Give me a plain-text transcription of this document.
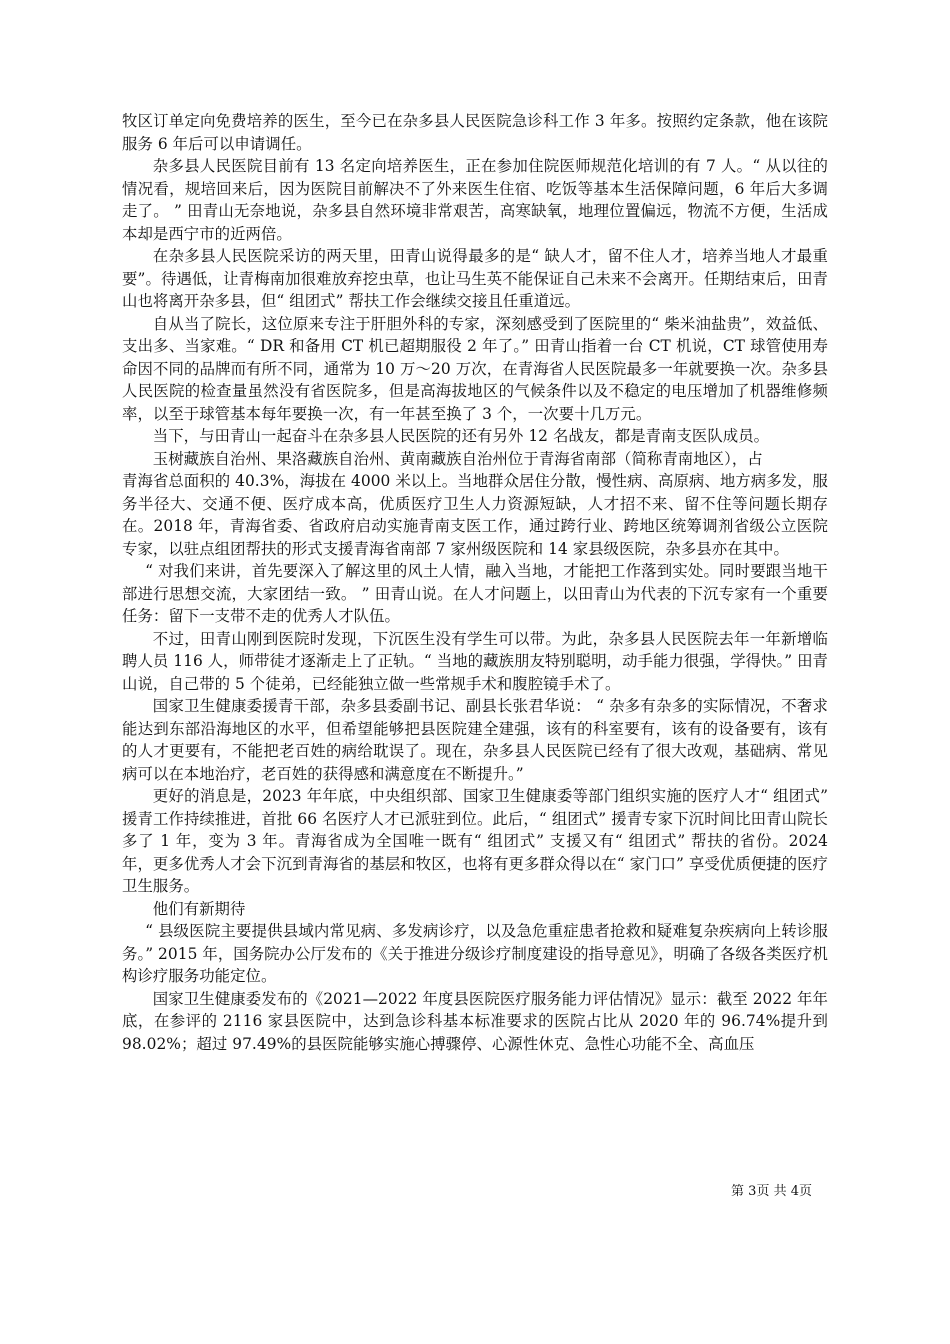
牧区订单定向免费培养的医生，至今已在杂多县人民医院急诊科工作 3 年多。按照约定条款，他在该院服务 6 年后可以申请调任。

杂多县人民医院目前有 13 名定向培养医生，正在参加住院医师规范化培训的有 7 人。“ 从以往的情况看，规培回来后，因为医院目前解决不了外来医生住宿、吃饭等基本生活保障问题，6 年后大多调走了。 ” 田青山无奈地说，杂多县自然环境非常艰苦，高寒缺氧，地理位置偏远，物流不方便，生活成本却是西宁市的近两倍。

在杂多县人民医院采访的两天里，田青山说得最多的是“ 缺人才，留不住人才，培养当地人才最重要”。待遇低，让青梅南加很难放弃挖虫草，也让马生英不能保证自己未来不会离开。任期结束后，田青山也将离开杂多县，但“ 组团式” 帮扶工作会继续交接且任重道远。

自从当了院长，这位原来专注于肝胆外科的专家，深刻感受到了医院里的“ 柴米油盐贵”，效益低、支出多、当家难。“ DR 和备用 CT 机已超期服役 2 年了。” 田青山指着一台 CT 机说，CT 球管使用寿命因不同的品牌而有所不同，通常为 10 万～20 万次，在青海省人民医院最多一年就要换一次。杂多县人民医院的检查量虽然没有省医院多，但是高海拔地区的气候条件以及不稳定的电压增加了机器维修频率，以至于球管基本每年要换一次，有一年甚至换了 3 个，一次要十几万元。

当下，与田青山一起奋斗在杂多县人民医院的还有另外 12 名战友，都是青南支医队成员。

玉树藏族自治州、果洛藏族自治州、黄南藏族自治州位于青海省南部（简称青南地区），占

青海省总面积的 40.3%，海拔在 4000 米以上。当地群众居住分散，慢性病、高原病、地方病多发，服务半径大、交通不便、医疗成本高，优质医疗卫生人力资源短缺，人才招不来、留不住等问题长期存在。2018 年，青海省委、省政府启动实施青南支医工作，通过跨行业、跨地区统筹调剂省级公立医院专家，以驻点组团帮扶的形式支援青海省南部 7 家州级医院和 14 家县级医院，杂多县亦在其中。

“ 对我们来讲，首先要深入了解这里的风土人情，融入当地，才能把工作落到实处。同时要跟当地干部进行思想交流，大家团结一致。 ” 田青山说。在人才问题上，以田青山为代表的下沉专家有一个重要任务：留下一支带不走的优秀人才队伍。

不过，田青山刚到医院时发现，下沉医生没有学生可以带。为此，杂多县人民医院去年一年新增临聘人员 116 人，师带徒才逐渐走上了正轨。“ 当地的藏族朋友特别聪明，动手能力很强，学得快。” 田青山说，自己带的 5 个徒弟，已经能独立做一些常规手术和腹腔镜手术了。

国家卫生健康委援青干部，杂多县委副书记、副县长张君华说： “ 杂多有杂多的实际情况，不奢求能达到东部沿海地区的水平，但希望能够把县医院建全建强，该有的科室要有，该有的设备要有，该有的人才更要有，不能把老百姓的病给耽误了。现在，杂多县人民医院已经有了很大改观，基础病、常见病可以在本地治疗，老百姓的获得感和满意度在不断提升。”

更好的消息是，2023 年年底，中央组织部、国家卫生健康委等部门组织实施的医疗人才“ 组团式” 援青工作持续推进，首批 66 名医疗人才已派驻到位。此后，“ 组团式” 援青专家下沉时间比田青山院长多了 1 年，变为 3 年。青海省成为全国唯一既有“ 组团式” 支援又有“ 组团式” 帮扶的省份。2024 年，更多优秀人才会下沉到青海省的基层和牧区，也将有更多群众得以在“ 家门口” 享受优质便捷的医疗卫生服务。

他们有新期待

“ 县级医院主要提供县域内常见病、多发病诊疗，以及急危重症患者抢救和疑难复杂疾病向上转诊服务。” 2015 年，国务院办公厅发布的《关于推进分级诊疗制度建设的指导意见》，明确了各级各类医疗机构诊疗服务功能定位。

国家卫生健康委发布的《2021—2022 年度县医院医疗服务能力评估情况》显示：截至 2022 年年底，在参评的 2116 家县医院中，达到急诊科基本标准要求的医院占比从 2020 年的 96.74%提升到 98.02%；超过 97.49%的县医院能够实施心搏骤停、心源性休克、急性心功能不全、高血压

第 3页 共 4页
